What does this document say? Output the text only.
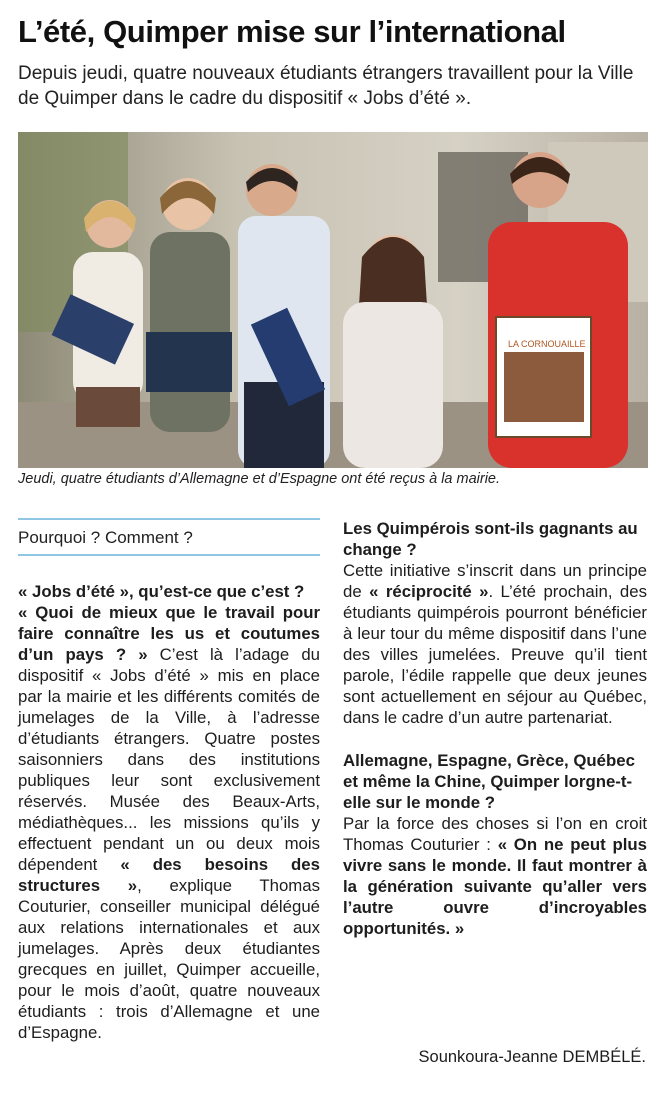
L’été, Quimper mise sur l’international
Depuis jeudi, quatre nouveaux étudiants étrangers travaillent pour la Ville de Quimper dans le cadre du dispositif « Jobs d’été ».
LA CORNOUAILLE
Jeudi, quatre étudiants d’Allemagne et d’Espagne ont été reçus à la mairie.
Pourquoi ? Comment ?

« Jobs d’été », qu’est-ce que c’est ?

« Quoi de mieux que le travail pour faire connaître les us et coutumes d’un pays ? » C’est là l’adage du dispositif « Jobs d’été » mis en place par la mairie et les différents comités de jumelages de la Ville, à l’adresse d’étudiants étrangers. Quatre postes saisonniers dans des institutions publiques leur sont exclusivement réservés. Musée des Beaux-Arts, médiathèques... les missions qu’ils y effectuent pendant un ou deux mois dépendent « des besoins des structures », explique Thomas Couturier, conseiller municipal délégué aux relations internationales et aux jumelages. Après deux étudiantes grecques en juillet, Quimper accueille, pour le mois d’août, quatre nouveaux étudiants : trois d’Allemagne et une d’Espagne.

Les Quimpérois sont-ils gagnants au change ?

Cette initiative s’inscrit dans un principe de « réciprocité ». L’été prochain, des étudiants quimpérois pourront bénéficier à leur tour du même dispositif dans l’une des villes jumelées. Preuve qu’il tient parole, l’édile rappelle que deux jeunes sont actuellement en séjour au Québec, dans le cadre d’un autre partenariat.

Allemagne, Espagne, Grèce, Québec et même la Chine, Quimper lorgne-t-elle sur le monde ?

Par la force des choses si l’on en croit Thomas Couturier : « On ne peut plus vivre sans le monde. Il faut montrer à la génération suivante qu’aller vers l’autre ouvre d’incroyables opportunités. »

Sounkoura-Jeanne DEMBÉLÉ.
